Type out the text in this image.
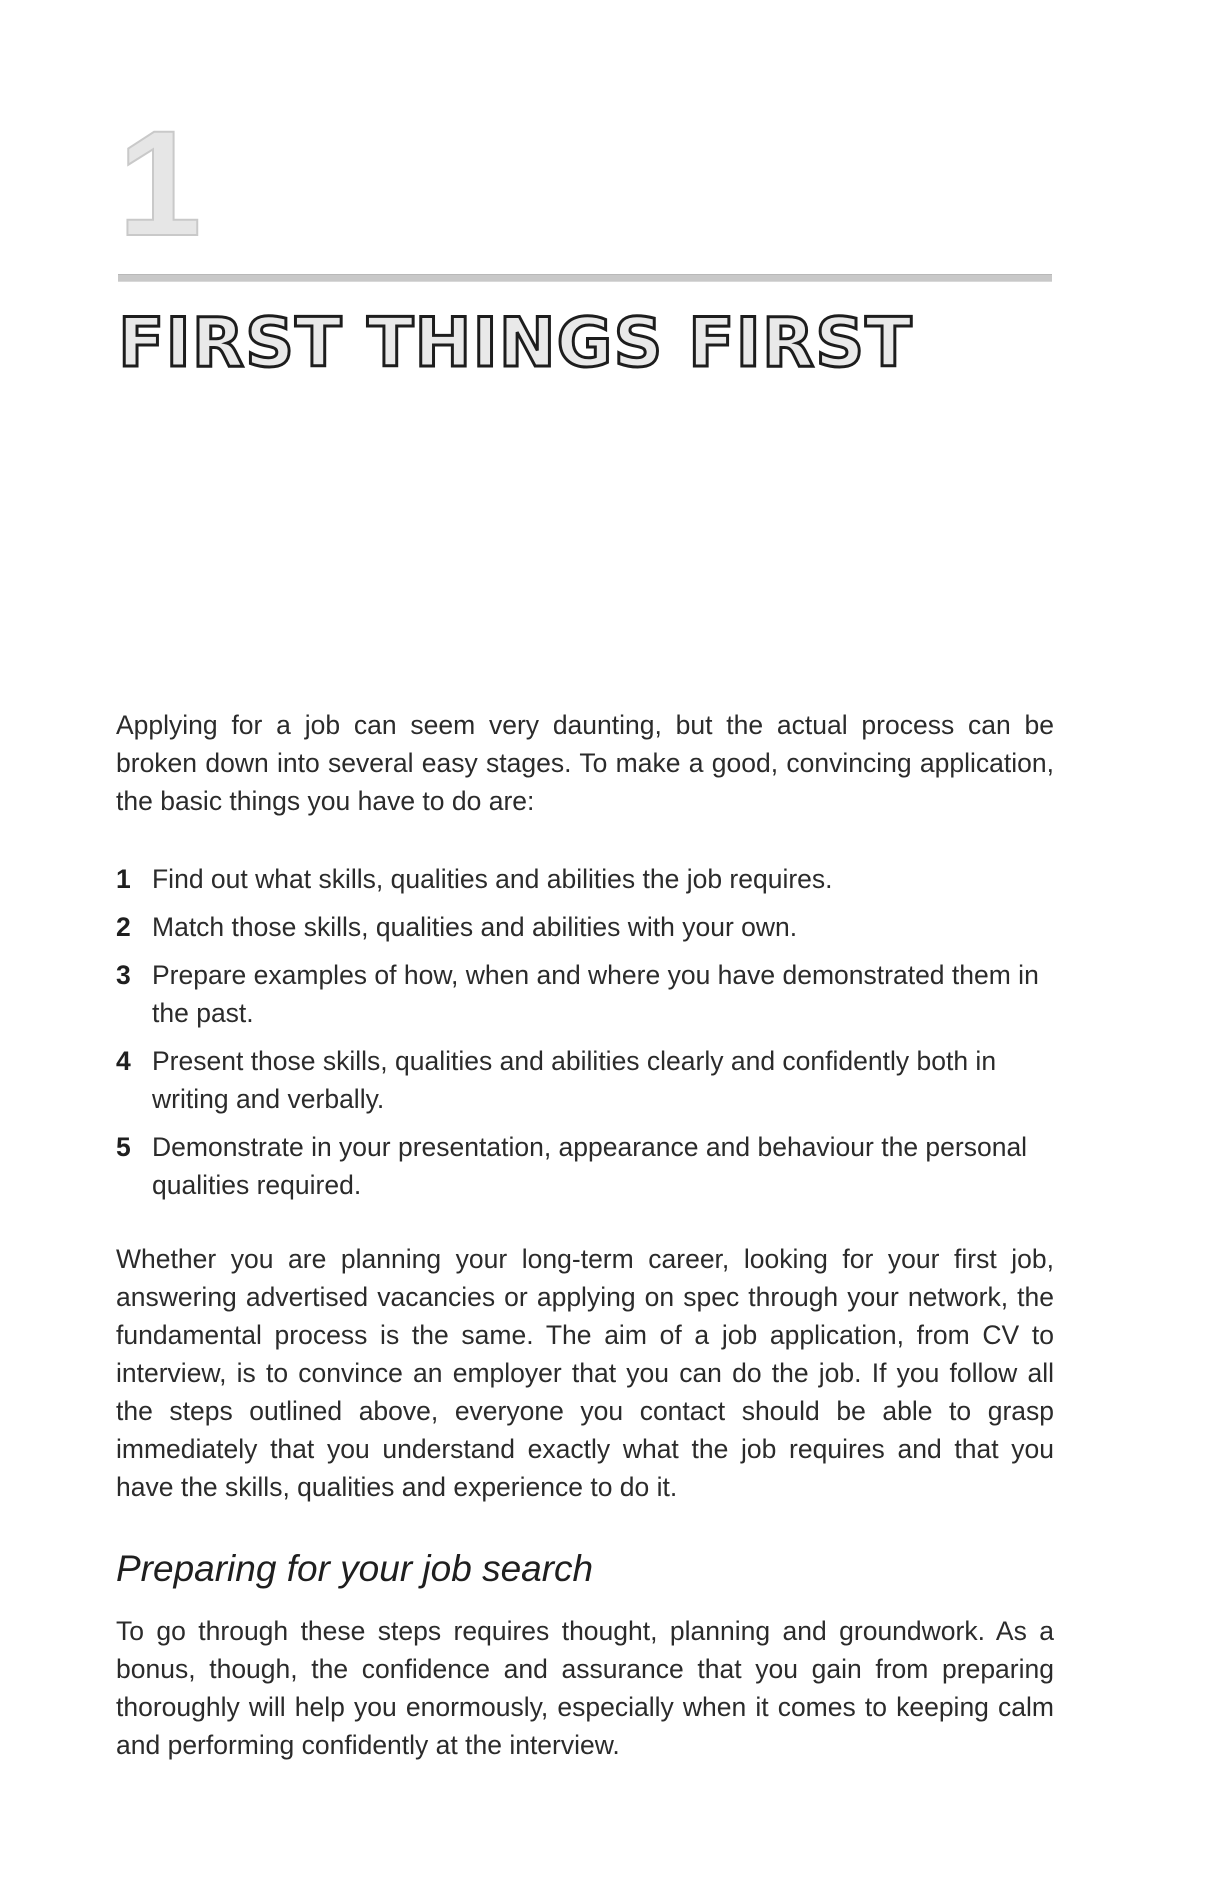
1
FIRST THINGS FIRST

Applying for a job can seem very daunting, but the actual process can be broken down into several easy stages. To make a good, convincing application, the basic things you have to do are:

1 Find out what skills, qualities and abilities the job requires.
2 Match those skills, qualities and abilities with your own.
3 Prepare examples of how, when and where you have demonstrated them in the past.
4 Present those skills, qualities and abilities clearly and confidently both in writing and verbally.
5 Demonstrate in your presentation, appearance and behaviour the personal qualities required.

Whether you are planning your long-term career, looking for your first job, answering advertised vacancies or applying on spec through your network, the fundamental process is the same. The aim of a job application, from CV to interview, is to convince an employer that you can do the job. If you follow all the steps outlined above, everyone you contact should be able to grasp immediately that you understand exactly what the job requires and that you have the skills, qualities and experience to do it.

Preparing for your job search

To go through these steps requires thought, planning and groundwork. As a bonus, though, the confidence and assurance that you gain from preparing thoroughly will help you enormously, especially when it comes to keeping calm and performing confidently at the interview.
